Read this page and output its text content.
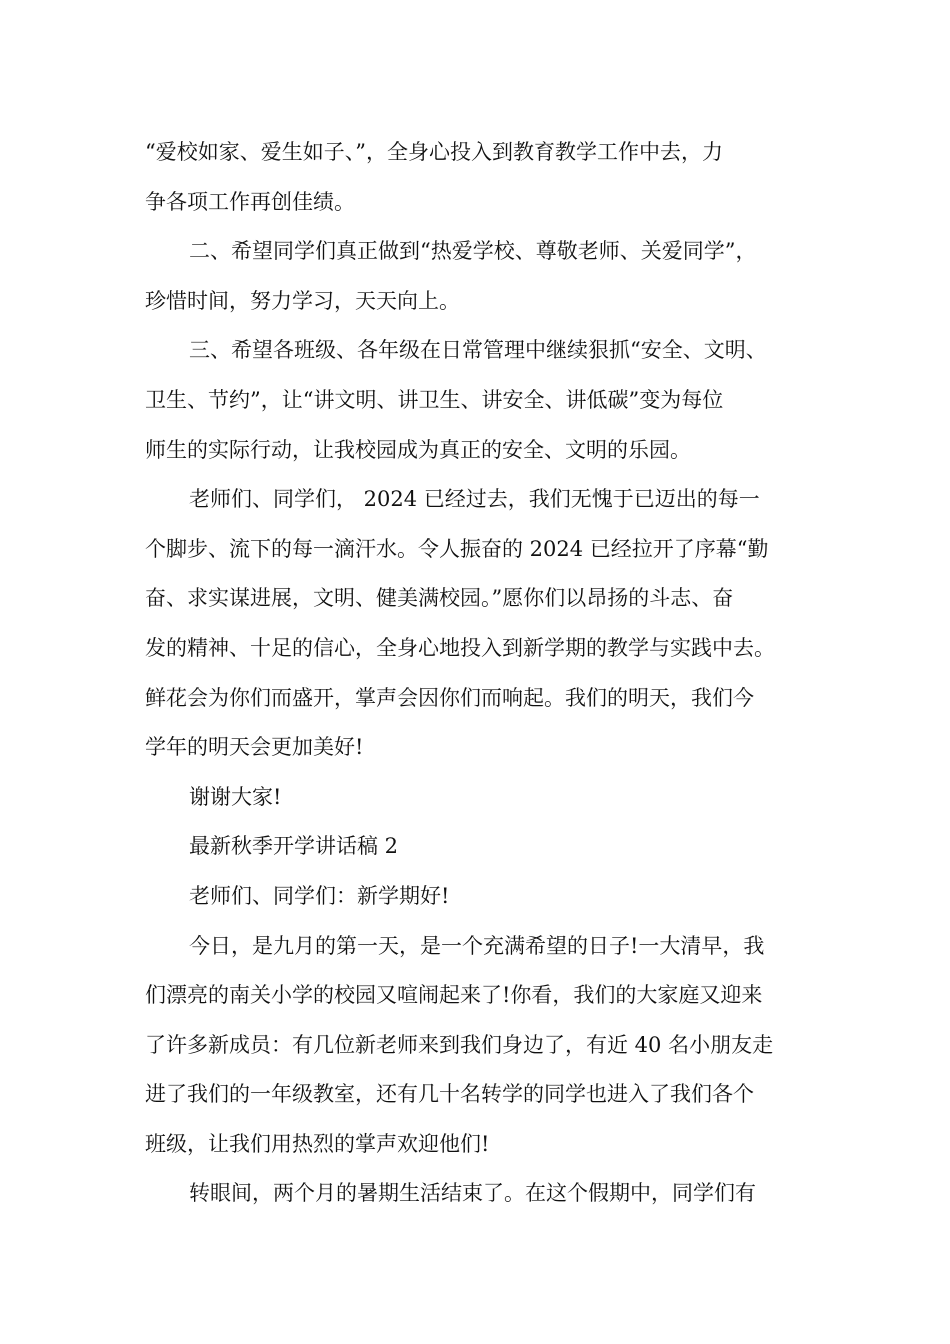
“爱校如家、爱生如子、”，全身心投入到教育教学工作中去，力
争各项工作再创佳绩。
二、希望同学们真正做到“热爱学校、尊敬老师、关爱同学”，
珍惜时间，努力学习，天天向上。
三、希望各班级、各年级在日常管理中继续狠抓“安全、文明、
卫生、节约”，让“讲文明、讲卫生、讲安全、讲低碳”变为每位
师生的实际行动，让我校园成为真正的安全、文明的乐园。
老师们、同学们， 2024 已经过去，我们无愧于已迈出的每一
个脚步、流下的每一滴汗水。令人振奋的 2024 已经拉开了序幕“勤
奋、求实谋进展，文明、健美满校园。”愿你们以昂扬的斗志、奋
发的精神、十足的信心，全身心地投入到新学期的教学与实践中去。
鲜花会为你们而盛开，掌声会因你们而响起。我们的明天，我们今
学年的明天会更加美好!
谢谢大家!
最新秋季开学讲话稿 2
老师们、同学们：新学期好!
今日，是九月的第一天，是一个充满希望的日子!一大清早，我
们漂亮的南关小学的校园又喧闹起来了!你看，我们的大家庭又迎来
了许多新成员：有几位新老师来到我们身边了，有近 40 名小朋友走
进了我们的一年级教室，还有几十名转学的同学也进入了我们各个
班级，让我们用热烈的掌声欢迎他们!
转眼间，两个月的暑期生活结束了。在这个假期中，同学们有
